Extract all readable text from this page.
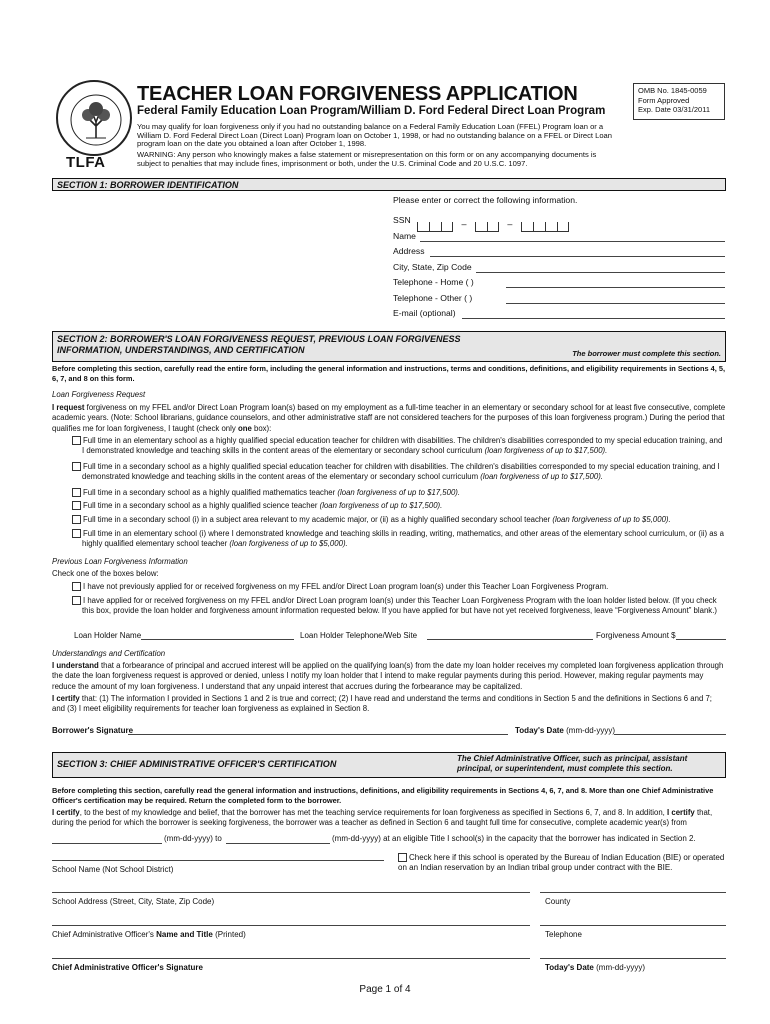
TLFA
TEACHER LOAN FORGIVENESS APPLICATION
Federal Family Education Loan Program/William D. Ford Federal Direct Loan Program
You may qualify for loan forgiveness only if you had no outstanding balance on a Federal Family Education Loan (FFEL) Program loan or a William D. Ford Federal Direct Loan (Direct Loan) Program loan on October 1, 1998, or had no outstanding balance on a FFEL or Direct Loan program loan on the date you obtained a loan after October 1, 1998.
WARNING: Any person who knowingly makes a false statement or misrepresentation on this form or on any accompanying documents is subject to penalties that may include fines, imprisonment or both, under the U.S. Criminal Code and 20 U.S.C. 1097.
OMB No. 1845-0059
Form Approved
Exp. Date 03/31/2011
SECTION 1: BORROWER IDENTIFICATION
Please enter or correct the following information.
SSN	–	–
Name
Address
City, State, Zip Code
Telephone - Home ( )
Telephone - Other ( )
E-mail (optional)
SECTION 2: BORROWER'S LOAN FORGIVENESS REQUEST, PREVIOUS LOAN FORGIVENESS
INFORMATION, UNDERSTANDINGS, AND CERTIFICATION	The borrower must complete this section.
Before completing this section, carefully read the entire form, including the general information and instructions, terms and conditions, definitions, and eligibility requirements in Sections 4, 5, 6, 7, and 8 on this form.
Loan Forgiveness Request
I request forgiveness on my FFEL and/or Direct Loan Program loan(s) based on my employment as a full-time teacher in an elementary or secondary school for at least five consecutive, complete academic years. (Note: School librarians, guidance counselors, and other administrative staff are not considered teachers for the purposes of this loan forgiveness program.) During the period that qualifies me for loan forgiveness, I taught (check only one box):
Full time in an elementary school as a highly qualified special education teacher for children with disabilities. The children's disabilities corresponded to my special education training, and I demonstrated knowledge and teaching skills in the content areas of the elementary or secondary school curriculum (loan forgiveness of up to $17,500).
Full time in a secondary school as a highly qualified special education teacher for children with disabilities. The children's disabilities corresponded to my special education training, and I demonstrated knowledge and teaching skills in the content areas of the elementary or secondary school curriculum (loan forgiveness of up to $17,500).
Full time in a secondary school as a highly qualified mathematics teacher (loan forgiveness of up to $17,500).
Full time in a secondary school as a highly qualified science teacher (loan forgiveness of up to $17,500).
Full time in a secondary school (i) in a subject area relevant to my academic major, or (ii) as a highly qualified secondary school teacher (loan forgiveness of up to $5,000).
Full time in an elementary school (i) where I demonstrated knowledge and teaching skills in reading, writing, mathematics, and other areas of the elementary school curriculum, or (ii) as a highly qualified elementary school teacher (loan forgiveness of up to $5,000).
Previous Loan Forgiveness Information
Check one of the boxes below:
I have not previously applied for or received forgiveness on my FFEL and/or Direct Loan program loan(s) under this Teacher Loan Forgiveness Program.
I have applied for or received forgiveness on my FFEL and/or Direct Loan program loan(s) under this Teacher Loan Forgiveness Program with the loan holder listed below. (If you check this box, provide the loan holder and forgiveness amount information requested below. If you have applied for but have not yet received forgiveness, leave “Forgiveness Amount” blank.)
Loan Holder Name	Loan Holder Telephone/Web Site	Forgiveness Amount $
Understandings and Certification
I understand that a forbearance of principal and accrued interest will be applied on the qualifying loan(s) from the date my loan holder receives my completed loan forgiveness application through the date the loan forgiveness request is approved or denied, unless I notify my loan holder that I intend to make regular payments during this period. However, making regular payments may reduce the amount of my loan forgiveness. I understand that any unpaid interest that accrues during the forbearance may be capitalized.
I certify that: (1) The information I provided in Sections 1 and 2 is true and correct; (2) I have read and understand the terms and conditions in Section 5 and the definitions in Sections 6 and 7; and (3) I meet eligibility requirements for teacher loan forgiveness as explained in Section 8.
Borrower's Signature	Today's Date (mm-dd-yyyy)
SECTION 3: CHIEF ADMINISTRATIVE OFFICER'S CERTIFICATION
The Chief Administrative Officer, such as principal, assistant principal, or superintendent, must complete this section.
Before completing this section, carefully read the general information and instructions, definitions, and eligibility requirements in Sections 4, 6, 7, and 8. More than one Chief Administrative Officer's certification may be required. Return the completed form to the borrower.
I certify, to the best of my knowledge and belief, that the borrower has met the teaching service requirements for loan forgiveness as specified in Sections 6, 7, and 8. In addition, I certify that, during the period for which the borrower is seeking forgiveness, the borrower was a teacher as defined in Section 6 and taught full time for consecutive, complete academic year(s) from
(mm-dd-yyyy) to	(mm-dd-yyyy) at an eligible Title I school(s) in the capacity that the borrower has indicated in Section 2.
School Name (Not School District)
Check here if this school is operated by the Bureau of Indian Education (BIE) or operated on an Indian reservation by an Indian tribal group under contract with the BIE.
School Address (Street, City, State, Zip Code)	County
Chief Administrative Officer's Name and Title (Printed)	Telephone
Chief Administrative Officer's Signature	Today's Date (mm-dd-yyyy)
Page 1 of 4
